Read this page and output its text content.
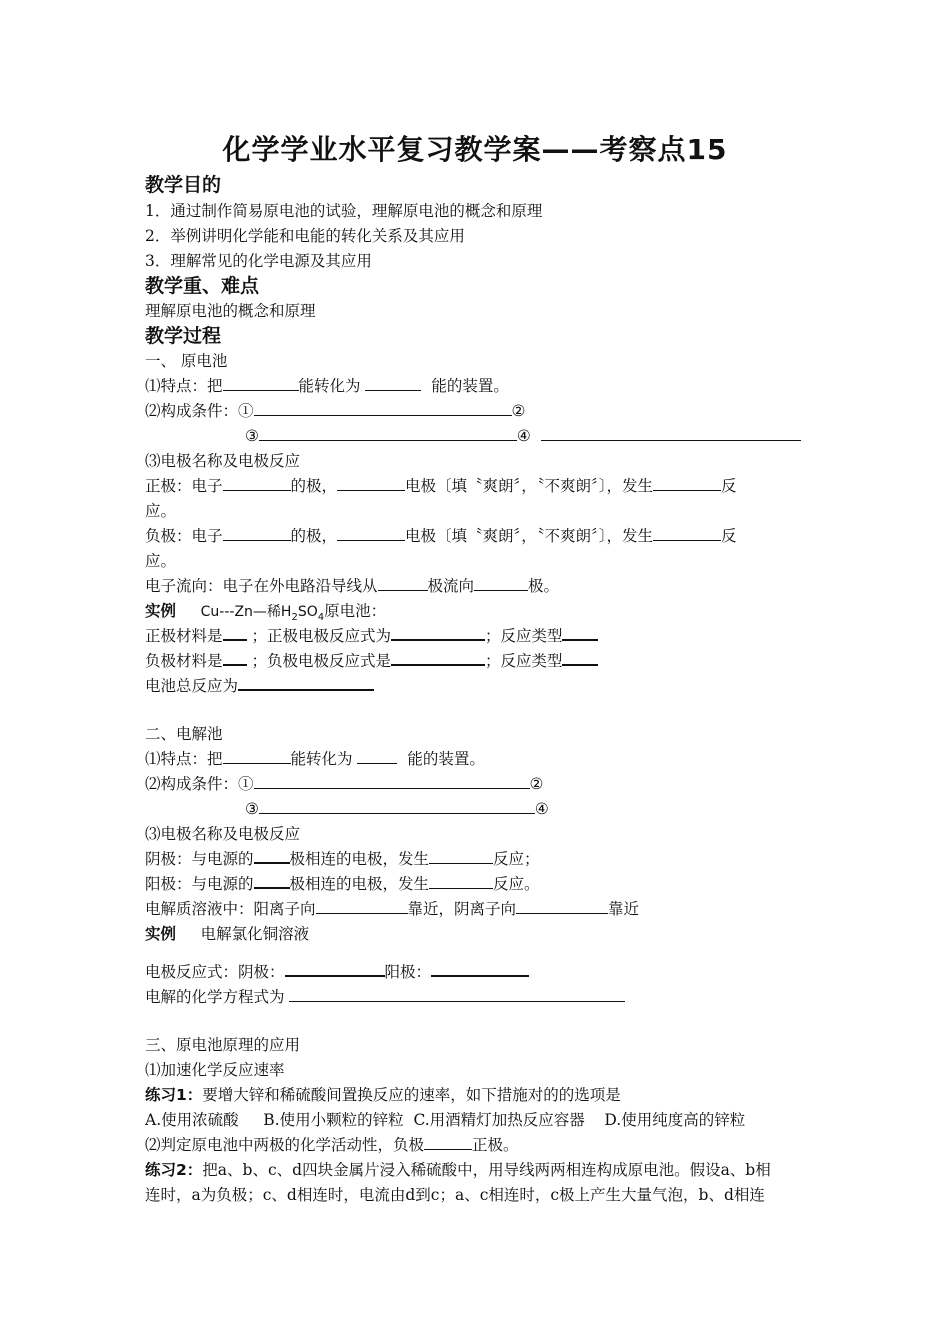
化学学业水平复习教学案——考察点15
教学目的
1．通过制作简易原电池的试验，理解原电池的概念和原理
2．举例讲明化学能和电能的转化关系及其应用
3．理解常见的化学电源及其应用
教学重、难点
理解原电池的概念和原理
教学过程
一、 原电池
⑴特点：把	能转化为	能的装置。
⑵构成条件：①	②
③	④
⑶电极名称及电极反应
正极：电子	的极，	电极〔填〝爽朗〞，〝不爽朗〞〕，发生	反
应。
负极：电子	的极，	电极〔填〝爽朗〞，〝不爽朗〞〕，发生	反
应。
电子流向：电子在外电路沿导线从	极流向	极。
实例 Cu---Zn—稀$H_2SO_4$原电池：
正极材料是 ；正极电极反应式为	；反应类型
负极材料是 ；负极电极反应式是	；反应类型
电池总反应为
二、电解池
⑴特点：把	能转化为	能的装置。
⑵构成条件：①	②
③	④
⑶电极名称及电极反应
阴极：与电源的 极相连的电极，发生	反应；
阳极：与电源的 极相连的电极，发生	反应。
电解质溶液中：阳离子向	靠近，阴离子向	靠近
实例 电解氯化铜溶液
电极反应式：阴极：	阳极：
电解的化学方程式为
三、原电池原理的应用
⑴加速化学反应速率
练习1：要增大锌和稀硫酸间置换反应的速率，如下措施对的的选项是
A.使用浓硫酸 B.使用小颗粒的锌粒 C.用酒精灯加热反应容器 D.使用纯度高的锌粒
⑵判定原电池中两极的化学活动性，负极	正极。
练习2：把a、b、c、d四块金属片浸入稀硫酸中，用导线两两相连构成原电池。假设a、b相
连时，a为负极；c、d相连时，电流由d到c；a、c相连时，c极上产生大量气泡，b、d相连
